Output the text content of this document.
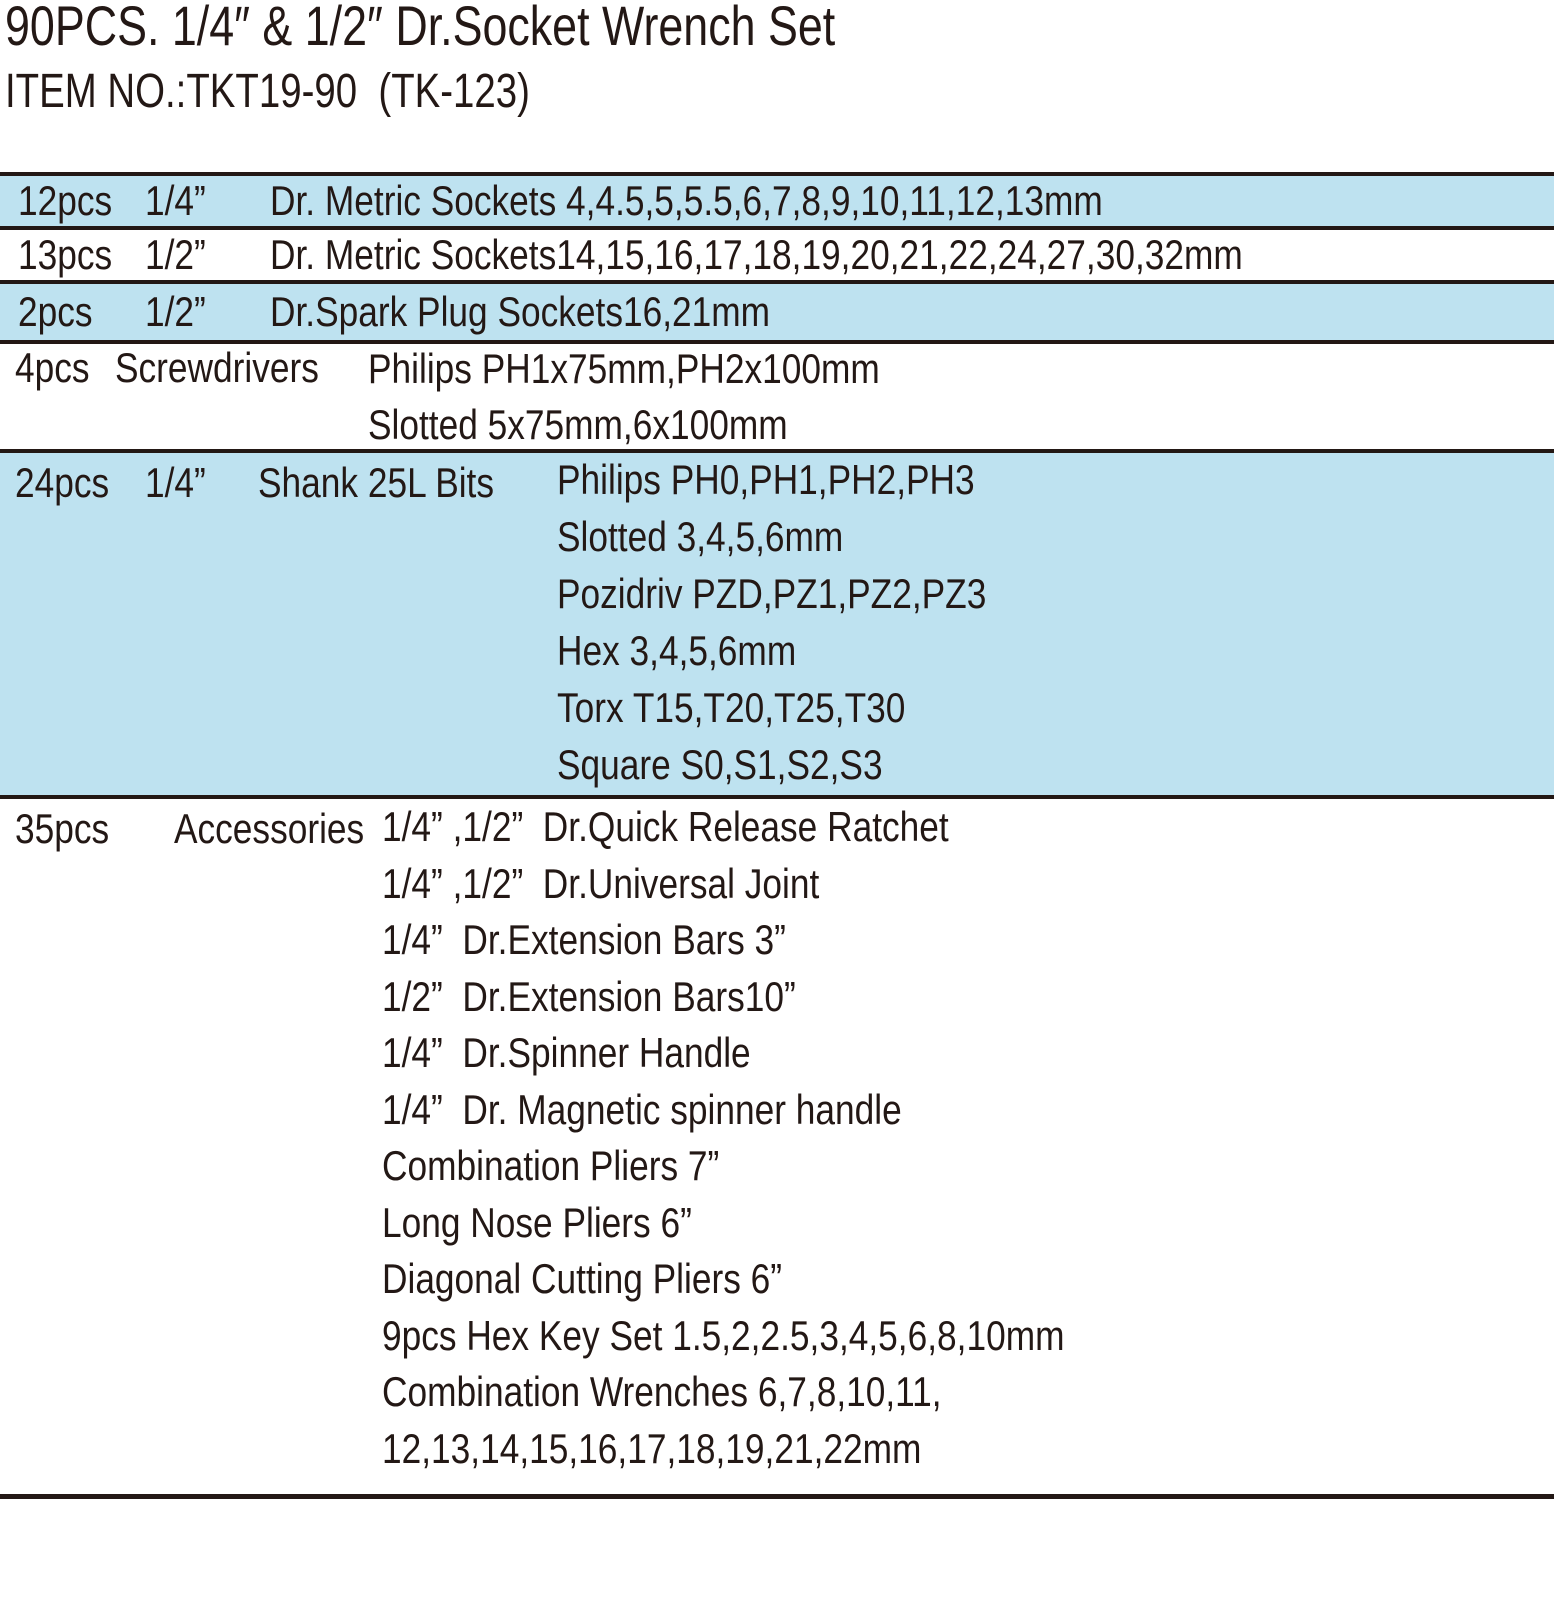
90PCS. 1/4″ & 1/2″ Dr.Socket Wrench Set
ITEM NO.:TKT19-90  (TK-123)
12pcs 1/4” Dr. Metric Sockets 4,4.5,5,5.5,6,7,8,9,10,11,12,13mm
13pcs 1/2” Dr. Metric Sockets14,15,16,17,18,19,20,21,22,24,27,30,32mm
2pcs 1/2” Dr.Spark Plug Sockets16,21mm
4pcs Screwdrivers Philips PH1x75mm,PH2x100mm
Slotted 5x75mm,6x100mm
24pcs 1/4” Shank 25L Bits Philips PH0,PH1,PH2,PH3
Slotted 3,4,5,6mm
Pozidriv PZD,PZ1,PZ2,PZ3
Hex 3,4,5,6mm
Torx T15,T20,T25,T30
Square S0,S1,S2,S3
35pcs Accessories 1/4” ,1/2”  Dr.Quick Release Ratchet
1/4” ,1/2”  Dr.Universal Joint
1/4”  Dr.Extension Bars 3”
1/2”  Dr.Extension Bars10”
1/4”  Dr.Spinner Handle
1/4”  Dr. Magnetic spinner handle
Combination Pliers 7”
Long Nose Pliers 6”
Diagonal Cutting Pliers 6”
9pcs Hex Key Set 1.5,2,2.5,3,4,5,6,8,10mm
Combination Wrenches 6,7,8,10,11,
12,13,14,15,16,17,18,19,21,22mm
